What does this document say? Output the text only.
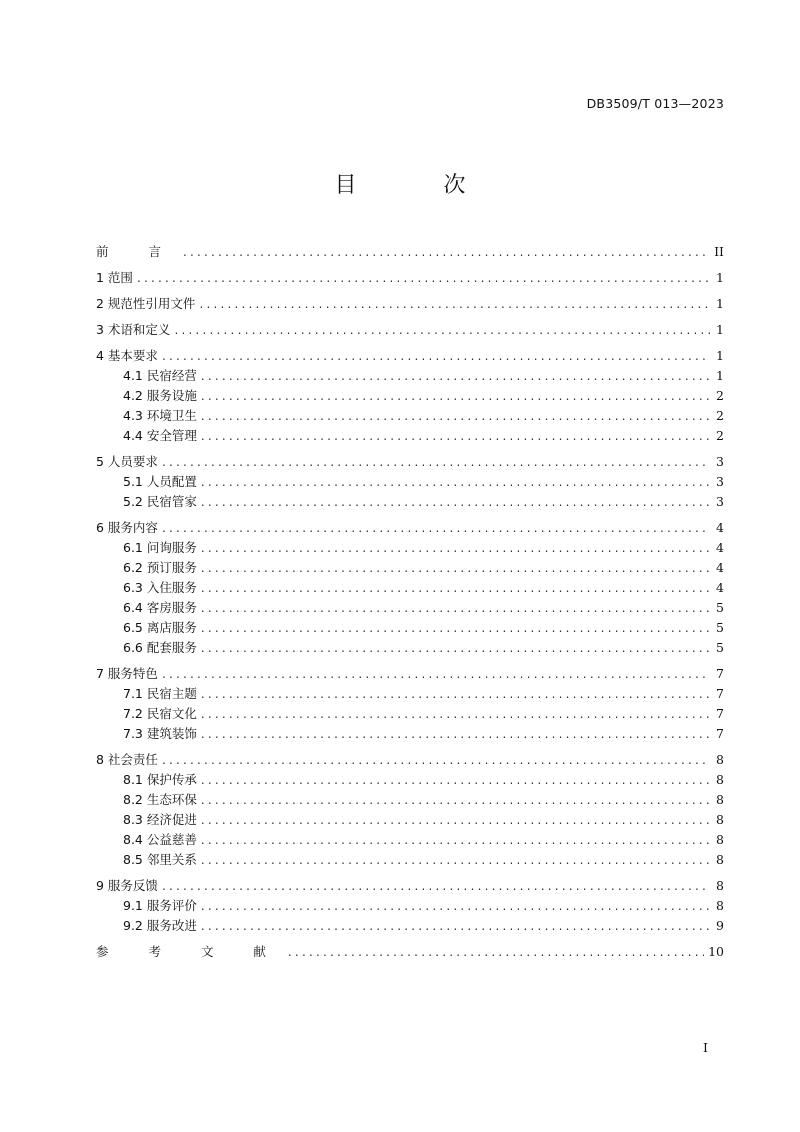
DB3509/T 013—2023
目 次
前 言 .....	II
1 范围 .....	1
2 规范性引用文件 .....	1
3 术语和定义 .....	1
4 基本要求 .....	1
4.1 民宿经营 .....	1
4.2 服务设施 .....	2
4.3 环境卫生 .....	2
4.4 安全管理 .....	2
5 人员要求 .....	3
5.1 人员配置 .....	3
5.2 民宿管家 .....	3
6 服务内容 .....	4
6.1 问询服务 .....	4
6.2 预订服务 .....	4
6.3 入住服务 .....	4
6.4 客房服务 .....	5
6.5 离店服务 .....	5
6.6 配套服务 .....	5
7 服务特色 .....	7
7.1 民宿主题 .....	7
7.2 民宿文化 .....	7
7.3 建筑装饰 .....	7
8 社会责任 .....	8
8.1 保护传承 .....	8
8.2 生态环保 .....	8
8.3 经济促进 .....	8
8.4 公益慈善 .....	8
8.5 邻里关系 .....	8
9 服务反馈 .....	8
9.1 服务评价 .....	8
9.2 服务改进 .....	9
参 考 文 献 .....	10
I
